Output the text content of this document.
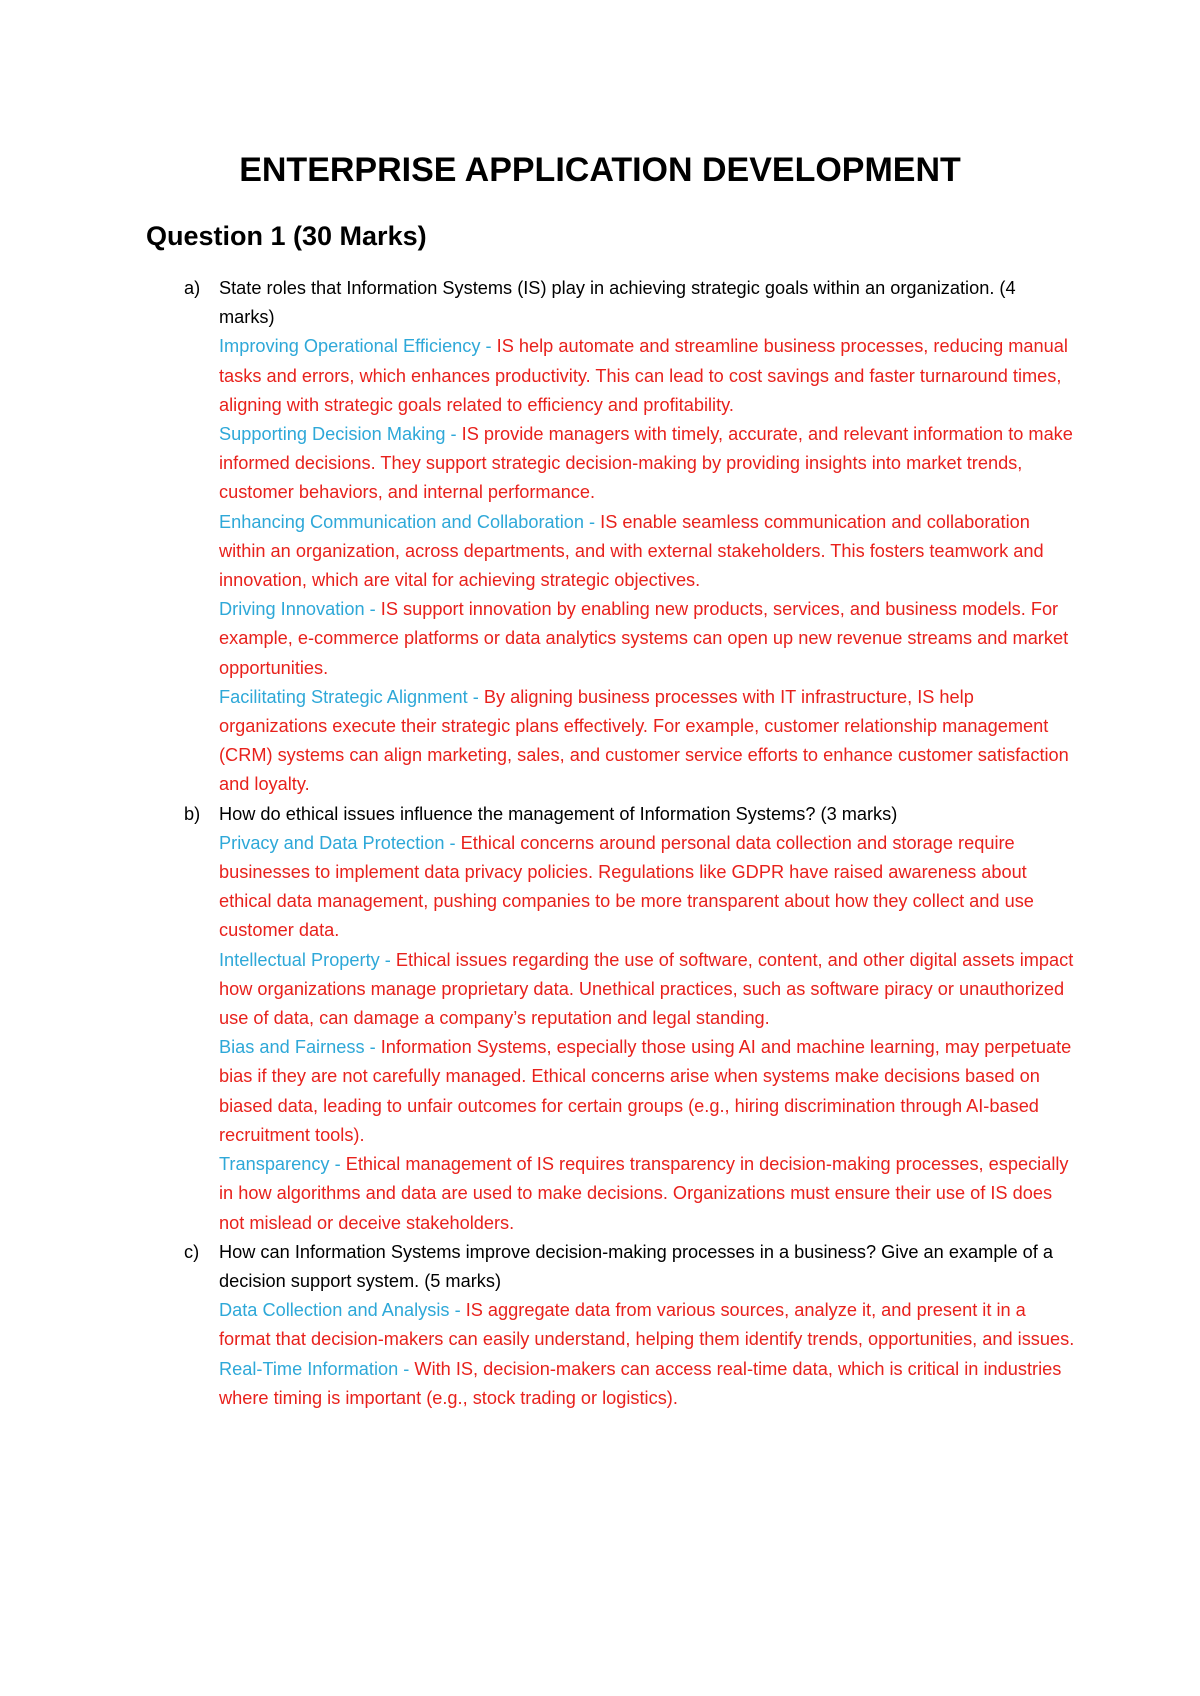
ENTERPRISE APPLICATION DEVELOPMENT
Question 1 (30 Marks)
a)	State roles that Information Systems (IS) play in achieving strategic goals within an organization. (4 marks)
Improving Operational Efficiency - IS help automate and streamline business processes, reducing manual tasks and errors, which enhances productivity. This can lead to cost savings and faster turnaround times, aligning with strategic goals related to efficiency and profitability.
Supporting Decision Making - IS provide managers with timely, accurate, and relevant information to make informed decisions. They support strategic decision-making by providing insights into market trends, customer behaviors, and internal performance.
Enhancing Communication and Collaboration - IS enable seamless communication and collaboration within an organization, across departments, and with external stakeholders. This fosters teamwork and innovation, which are vital for achieving strategic objectives.
Driving Innovation - IS support innovation by enabling new products, services, and business models. For example, e-commerce platforms or data analytics systems can open up new revenue streams and market opportunities.
Facilitating Strategic Alignment - By aligning business processes with IT infrastructure, IS help organizations execute their strategic plans effectively. For example, customer relationship management (CRM) systems can align marketing, sales, and customer service efforts to enhance customer satisfaction and loyalty.
b)	How do ethical issues influence the management of Information Systems? (3 marks)
Privacy and Data Protection - Ethical concerns around personal data collection and storage require businesses to implement data privacy policies. Regulations like GDPR have raised awareness about ethical data management, pushing companies to be more transparent about how they collect and use customer data.
Intellectual Property - Ethical issues regarding the use of software, content, and other digital assets impact how organizations manage proprietary data. Unethical practices, such as software piracy or unauthorized use of data, can damage a company’s reputation and legal standing.
Bias and Fairness - Information Systems, especially those using AI and machine learning, may perpetuate bias if they are not carefully managed. Ethical concerns arise when systems make decisions based on biased data, leading to unfair outcomes for certain groups (e.g., hiring discrimination through AI-based recruitment tools).
Transparency - Ethical management of IS requires transparency in decision-making processes, especially in how algorithms and data are used to make decisions. Organizations must ensure their use of IS does not mislead or deceive stakeholders.
c)	How can Information Systems improve decision-making processes in a business? Give an example of a decision support system. (5 marks)
Data Collection and Analysis - IS aggregate data from various sources, analyze it, and present it in a format that decision-makers can easily understand, helping them identify trends, opportunities, and issues.
Real-Time Information - With IS, decision-makers can access real-time data, which is critical in industries where timing is important (e.g., stock trading or logistics).
